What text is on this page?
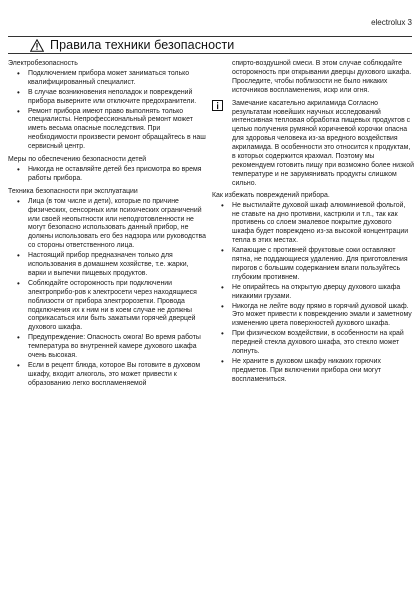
electrolux 3
Правила техники безопасности

Электробезопасность

• Подключением прибора может заниматься только квалифицированный специалист.
• В случае возникновения неполадок и повреждений прибора выверните или отключите предохранители.
• Ремонт прибора имеют право выполнять только специалисты. Непрофессиональный ремонт может иметь весьма опасные последствия. При необходимости произвести ремонт обращайтесь в наш сервисный центр.

Меры по обеспечению безопасности детей

• Никогда не оставляйте детей без присмотра во время работы прибора.

Техника безопасности при эксплуатации

• Лица (в том числе и дети), которые по причине физических, сенсорных или психических ограничений или своей неопытности или неподготовленности не могут безопасно использовать данный прибор, не должны использовать его без надзора или руководства со стороны ответственного лица.
• Настоящий прибор предназначен только для использования в домашнем хозяйстве, т.е. жарки, варки и выпечки пищевых продуктов.
• Соблюдайте осторожность при подключении электроприбо-ров к электросети через находящиеся поблизости от прибора электророзетки. Провода подключения их к ним ни в коем случае не должны соприкасаться или быть зажатыми горячей дверцей духового шкафа.
• Предупреждение: Опасность ожога! Во время работы температура во внутренней камере духового шкафа очень высокая.
• Если в рецепт блюда, которое Вы готовите в духовом шкафу, входит алкоголь, это может привести к образованию легко воспламеняемой

спирто-воздушной смеси. В этом случае соблюдайте осторожность при открывании дверцы духового шкафа. Проследите, чтобы поблизости не было никаких источников воспламенения, искр или огня.

Замечание касательно акриламида Согласно результатам новейших научных исследований интенсивная тепловая обработка пищевых продуктов с целью получения румяной коричневой корочки опасна для здоровья человека из-за вредного воздействия акриламида. В особенности это относится к продуктам, в которых содержится крахмал. Поэтому мы рекомендуем готовить пищу при возможно более низкой температуре и не зарумянивать продукты слишком сильно.

Как избежать повреждений прибора.

• Не выстилайте духовой шкаф алюминиевой фольгой, не ставьте на дно противни, кастрюли и т.п., так как противень со слоем эмалевое покрытие духового шкафа будет повреждено из-за высокой концентрации тепла в этих местах.
• Капающие с противней фруктовые соки оставляют пятна, не поддающиеся удалению. Для приготовления пирогов с большим содержанием влаги пользуйтесь глубоким противнем.
• Не опирайтесь на открытую дверцу духового шкафа никакими грузами.
• Никогда не лейте воду прямо в горячий духовой шкаф. Это может привести к повреждению эмали и заметному изменению цвета поверхностей духового шкафа.
• При физическом воздействии, в особенности на край передней стекла духового шкафа, это стекло может лопнуть.
• Не храните в духовом шкафу никаких горючих предметов. При включении прибора они могут воспламениться.
